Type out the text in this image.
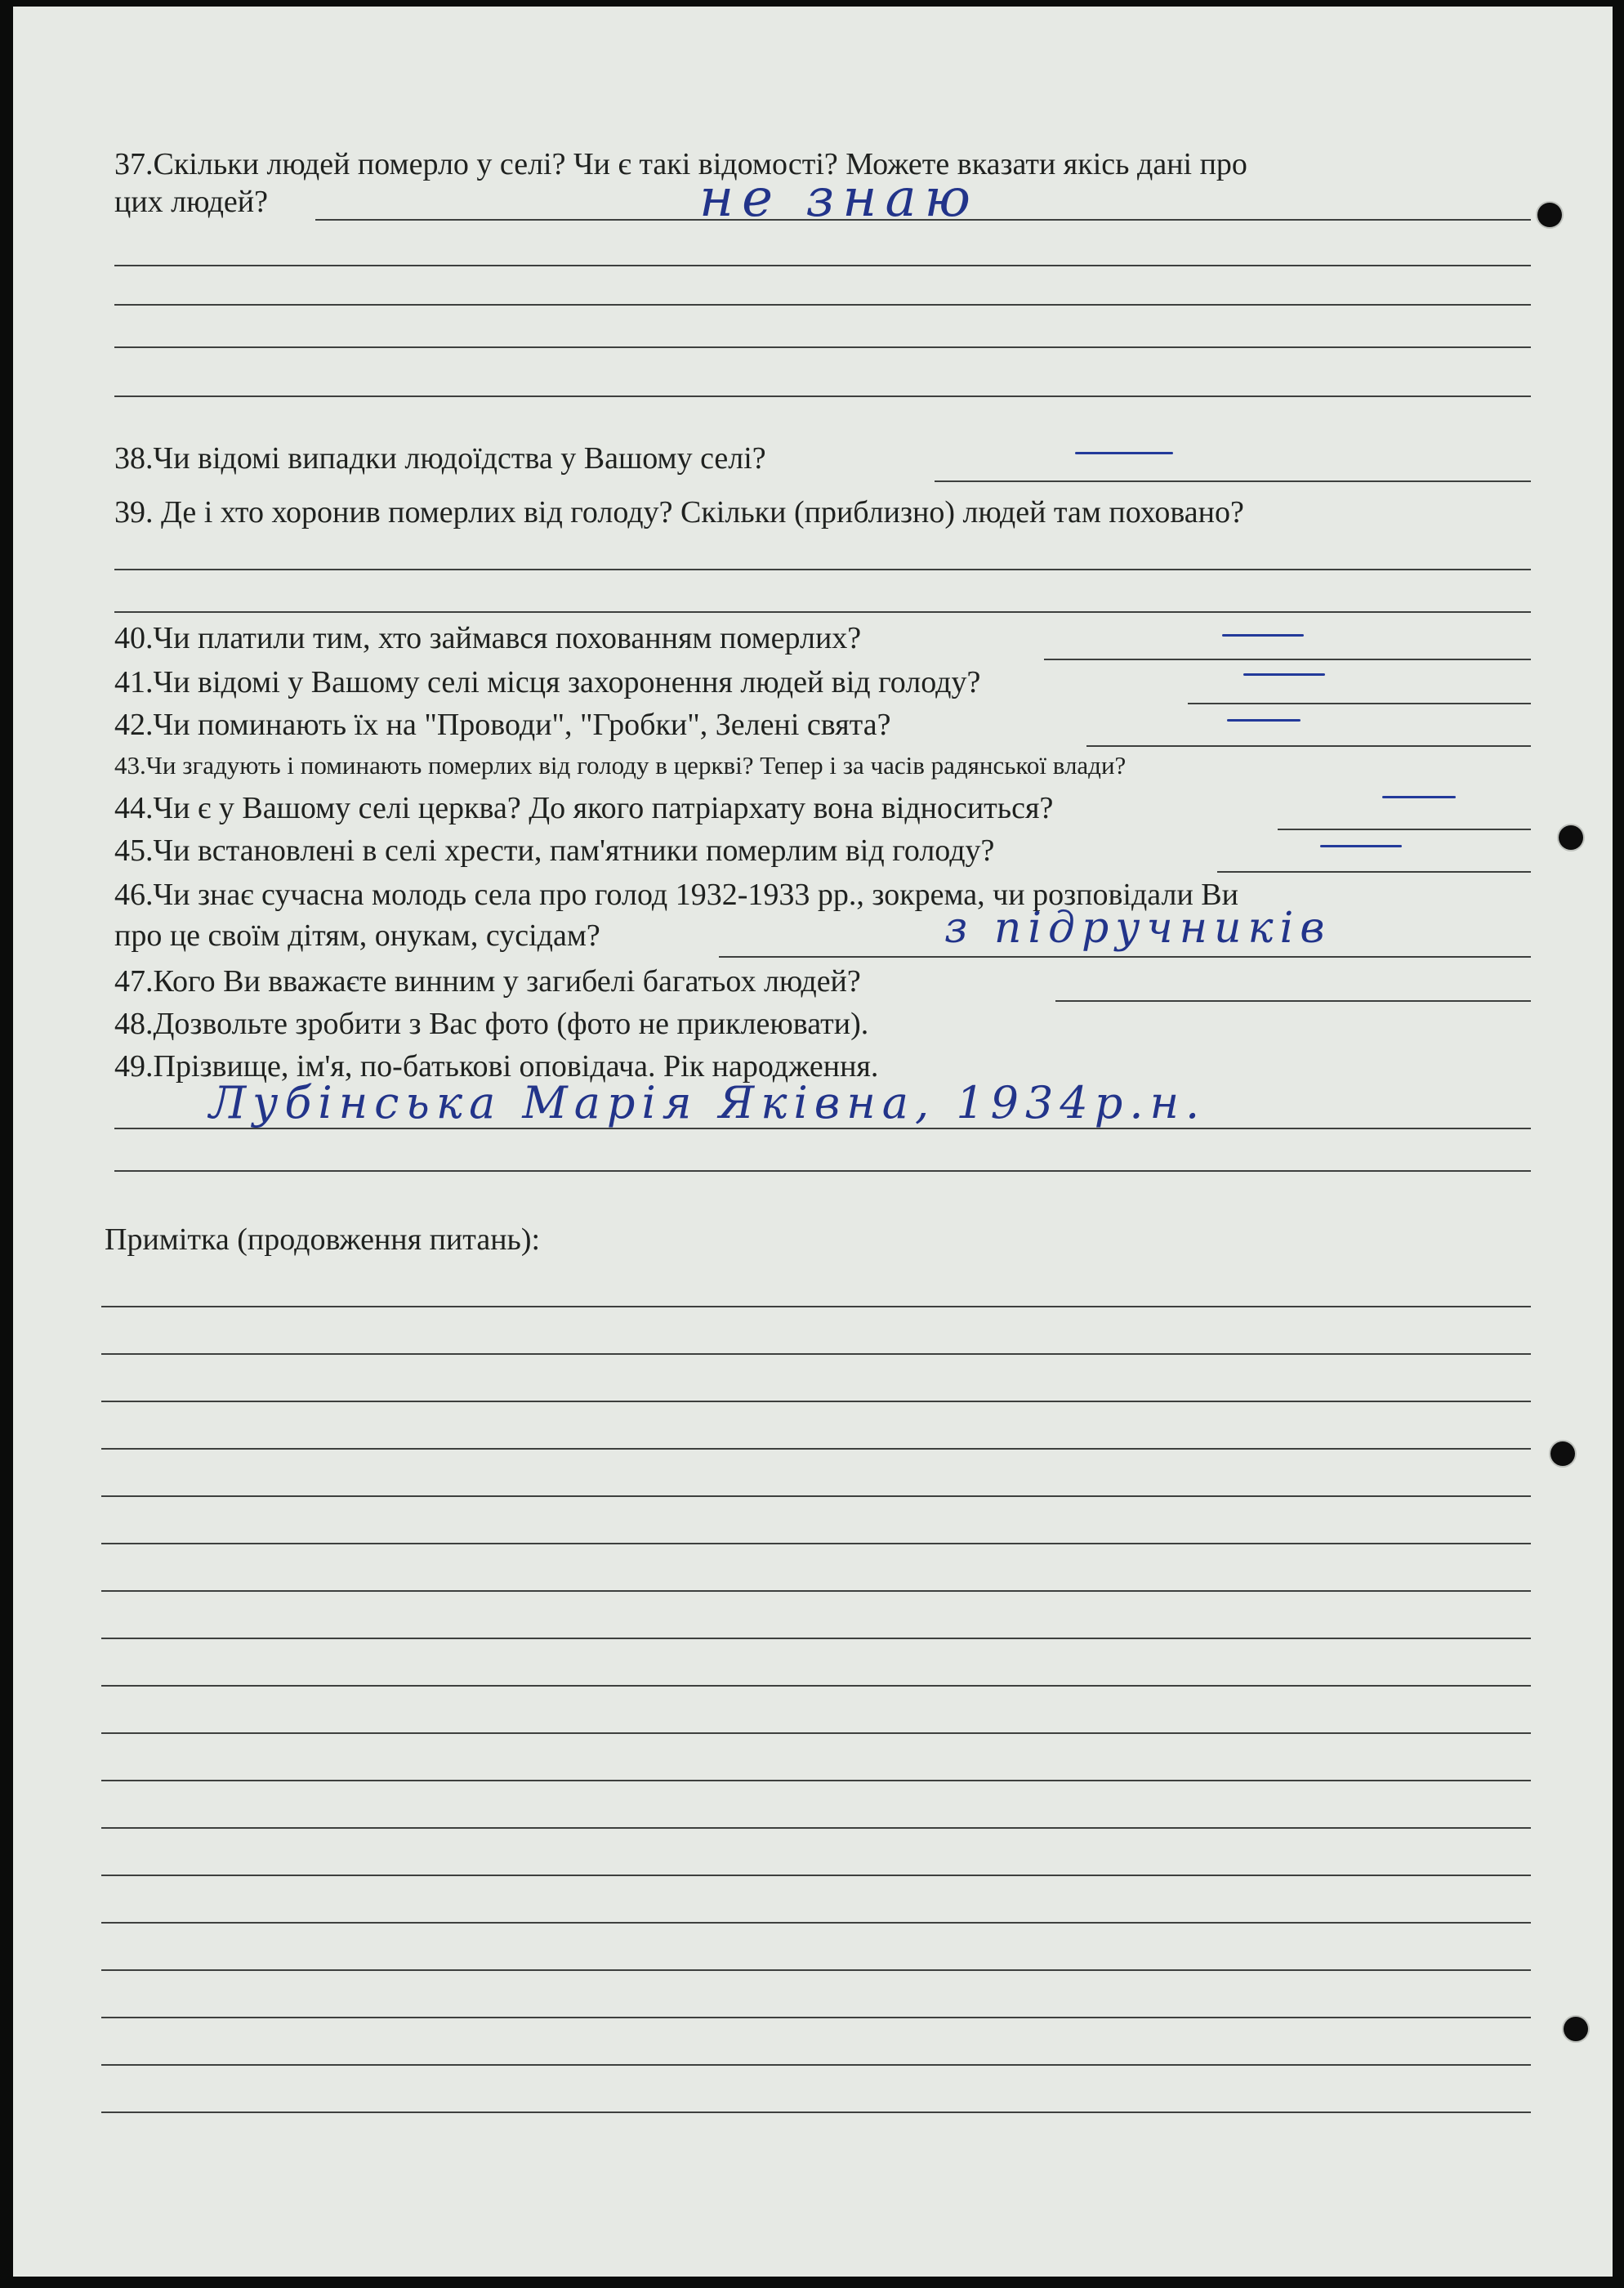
37.Скільки людей померло у селі? Чи є такі відомості? Можете вказати якісь дані про
цих людей?	не знаю
38.Чи відомі випадки людоїдства у Вашому селі?
39. Де і хто хоронив померлих від голоду? Скільки (приблизно) людей там поховано?
40.Чи платили тим, хто займався похованням померлих?
41.Чи відомі у Вашому селі місця захоронення людей від голоду?
42.Чи поминають їх на "Проводи", "Гробки", Зелені свята?
43.Чи згадують і поминають померлих від голоду в церкві? Тепер і за часів радянської влади?
44.Чи є у Вашому селі церква? До якого патріархату вона відноситься?
45.Чи встановлені в селі хрести, пам'ятники померлим від голоду?
46.Чи знає сучасна молодь села про голод 1932-1933 рр., зокрема, чи розповідали Ви
про це своїм дітям, онукам, сусідам?	з підручників
47.Кого Ви вважаєте винним у загибелі багатьох людей?
48.Дозвольте зробити з Вас фото (фото не приклеювати).
49.Прізвище, ім'я, по-батькові оповідача. Рік народження.
Лубінська Марія Яківна, 1934р.н.
Примітка (продовження питань):
